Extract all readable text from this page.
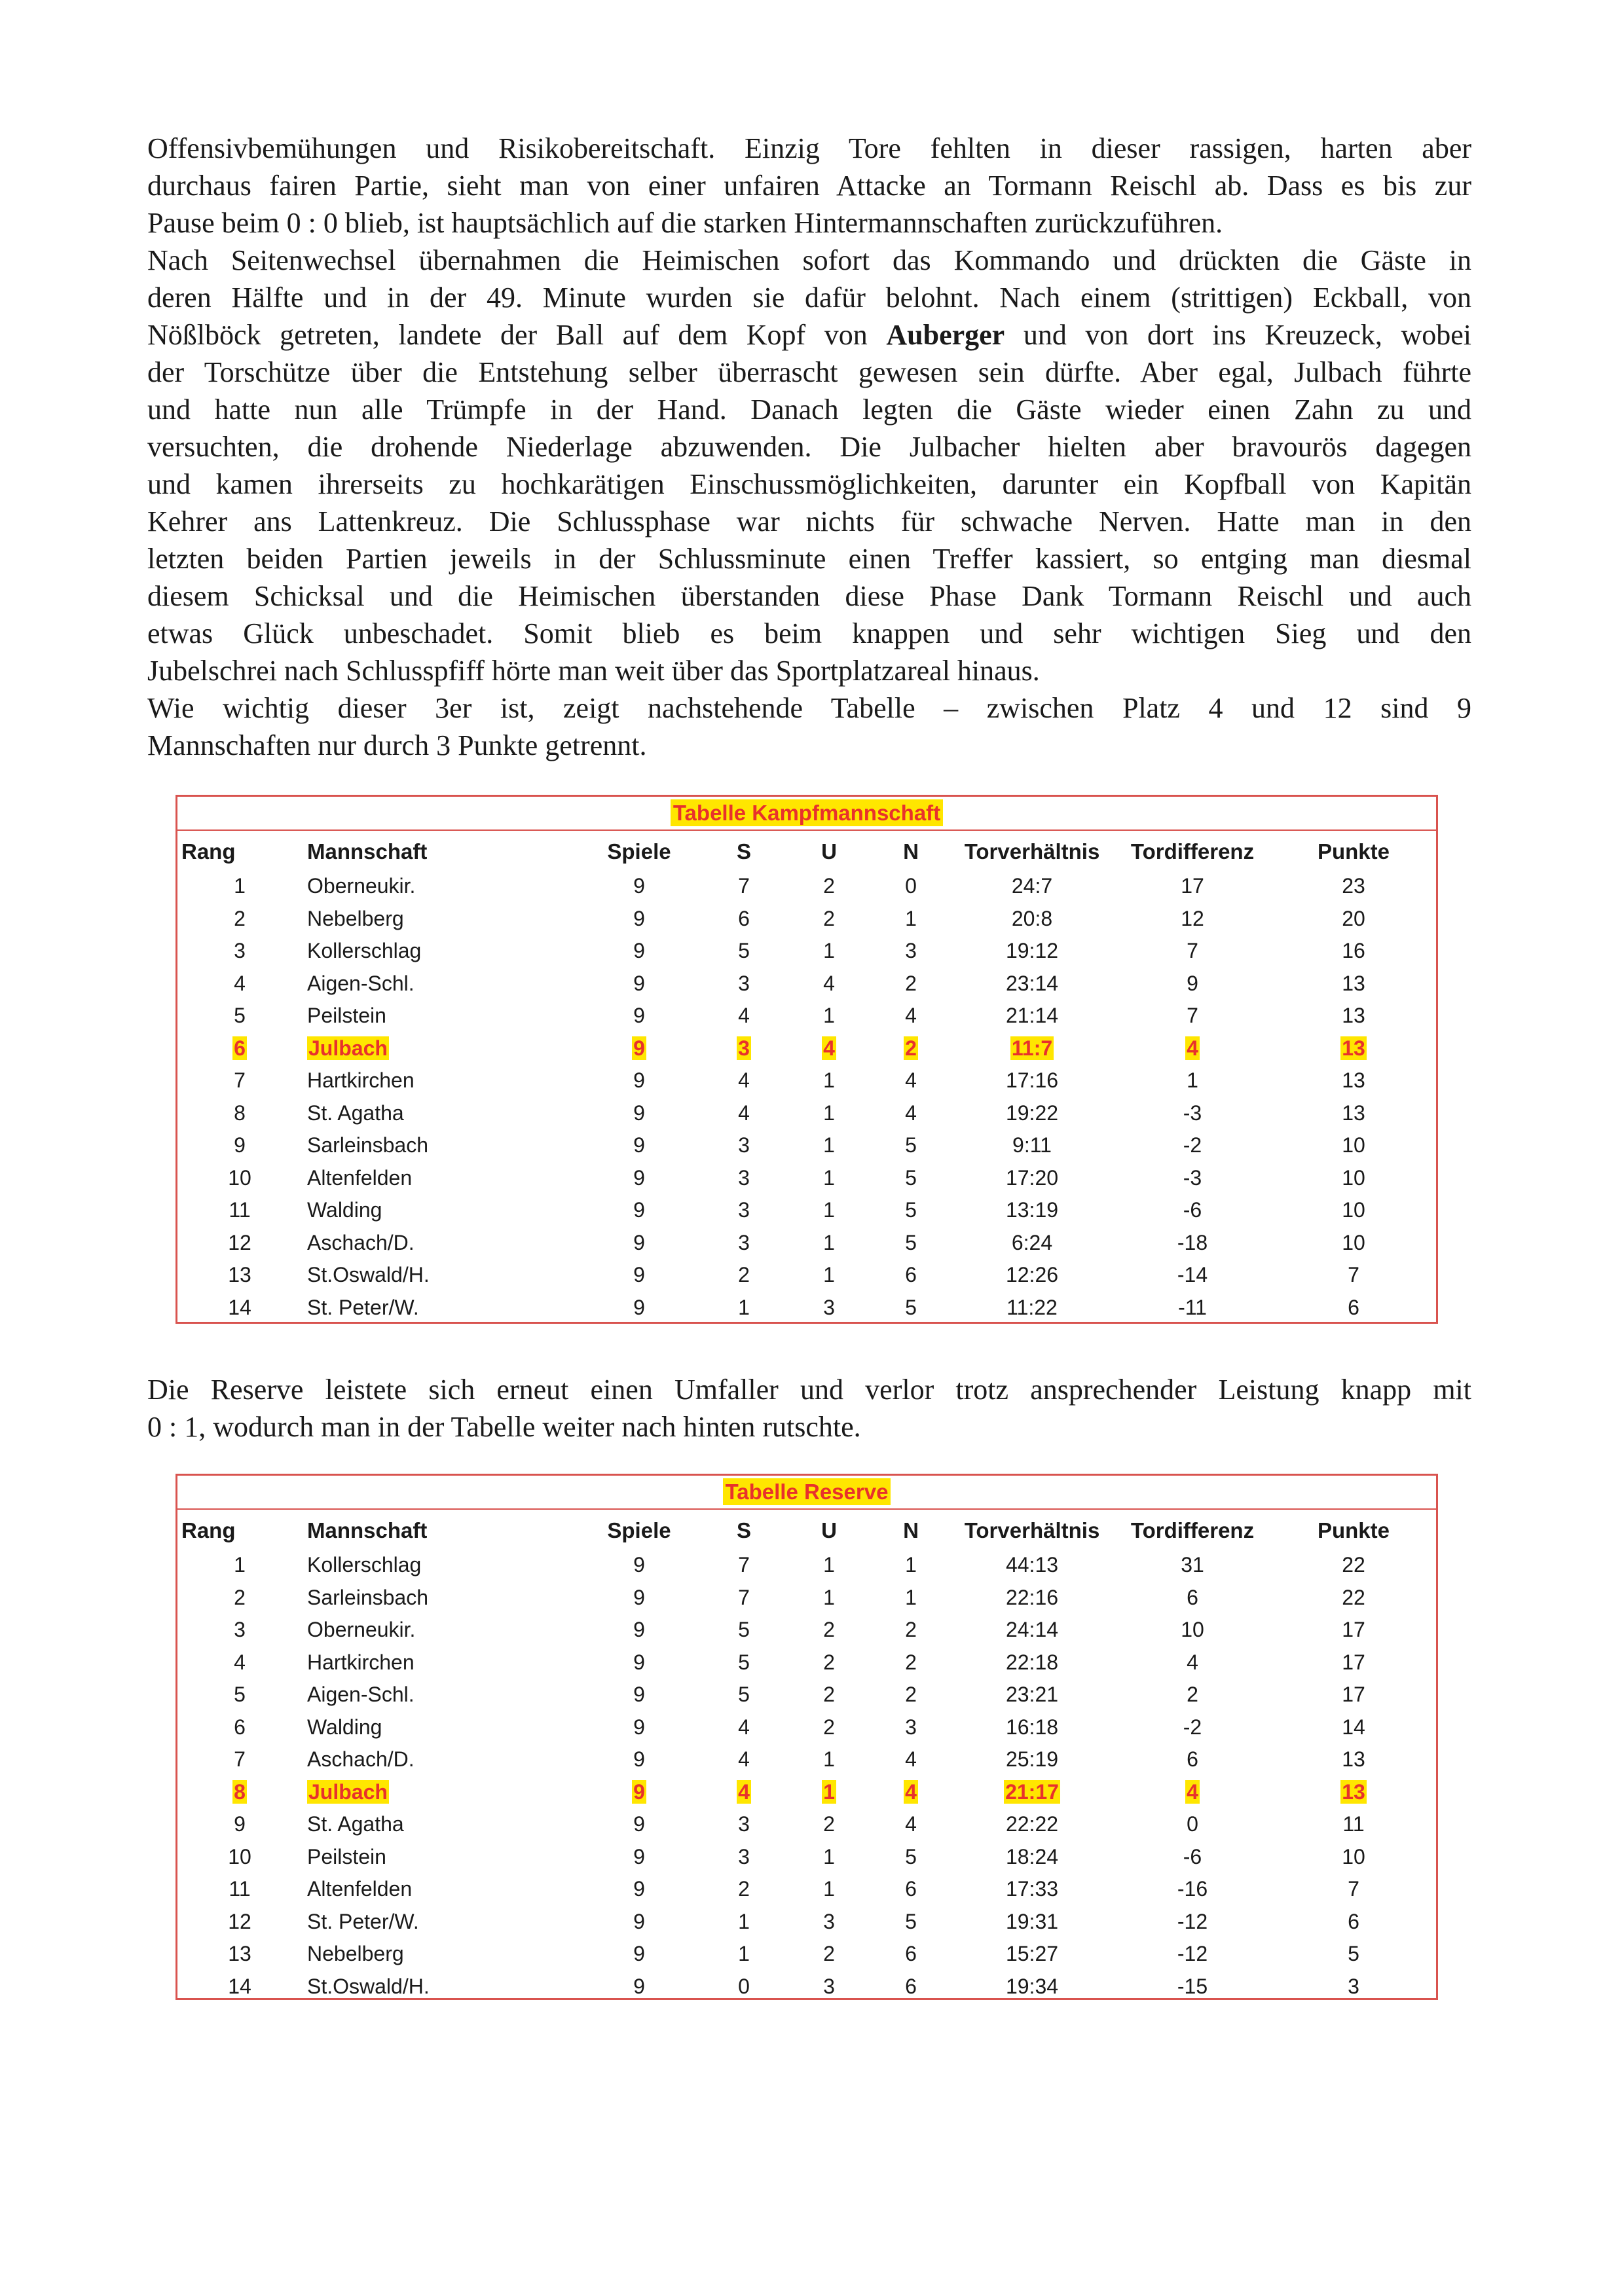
Offensivbemühungen und Risikobereitschaft. Einzig Tore fehlten in dieser rassigen, harten aber
durchaus fairen Partie, sieht man von einer unfairen Attacke an Tormann Reischl ab. Dass es bis zur
Pause beim 0 : 0 blieb, ist hauptsächlich auf die starken Hintermannschaften zurückzuführen.
Nach Seitenwechsel übernahmen die Heimischen sofort das Kommando und drückten die Gäste in
deren Hälfte und in der 49. Minute wurden sie dafür belohnt. Nach einem (strittigen) Eckball, von
Nößlböck getreten, landete der Ball auf dem Kopf von Auberger und von dort ins Kreuzeck, wobei
der Torschütze über die Entstehung selber überrascht gewesen sein dürfte. Aber egal, Julbach führte
und hatte nun alle Trümpfe in der Hand. Danach legten die Gäste wieder einen Zahn zu und
versuchten, die drohende Niederlage abzuwenden. Die Julbacher hielten aber bravourös dagegen
und kamen ihrerseits zu hochkarätigen Einschussmöglichkeiten, darunter ein Kopfball von Kapitän
Kehrer ans Lattenkreuz. Die Schlussphase war nichts für schwache Nerven. Hatte man in den
letzten beiden Partien jeweils in der Schlussminute einen Treffer kassiert, so entging man diesmal
diesem Schicksal und die Heimischen überstanden diese Phase Dank Tormann Reischl und auch
etwas Glück unbeschadet. Somit blieb es beim knappen und sehr wichtigen Sieg und den
Jubelschrei nach Schlusspfiff hörte man weit über das Sportplatzareal hinaus.
Wie wichtig dieser 3er ist, zeigt nachstehende Tabelle – zwischen Platz 4 und 12 sind 9
Mannschaften nur durch 3 Punkte getrennt.
Tabelle Kampfmannschaft
Rang	Mannschaft	Spiele	S	U	N	Torverhältnis	Tordifferenz	Punkte
1	Oberneukir.	9	7	2	0	24:7	17	23
2	Nebelberg	9	6	2	1	20:8	12	20
3	Kollerschlag	9	5	1	3	19:12	7	16
4	Aigen-Schl.	9	3	4	2	23:14	9	13
5	Peilstein	9	4	1	4	21:14	7	13
6	Julbach	9	3	4	2	11:7	4	13
7	Hartkirchen	9	4	1	4	17:16	1	13
8	St. Agatha	9	4	1	4	19:22	-3	13
9	Sarleinsbach	9	3	1	5	9:11	-2	10
10	Altenfelden	9	3	1	5	17:20	-3	10
11	Walding	9	3	1	5	13:19	-6	10
12	Aschach/D.	9	3	1	5	6:24	-18	10
13	St.Oswald/H.	9	2	1	6	12:26	-14	7
14	St. Peter/W.	9	1	3	5	11:22	-11	6
Die Reserve leistete sich erneut einen Umfaller und verlor trotz ansprechender Leistung knapp mit
0 : 1, wodurch man in der Tabelle weiter nach hinten rutschte.
Tabelle Reserve
Rang	Mannschaft	Spiele	S	U	N	Torverhältnis	Tordifferenz	Punkte
1	Kollerschlag	9	7	1	1	44:13	31	22
2	Sarleinsbach	9	7	1	1	22:16	6	22
3	Oberneukir.	9	5	2	2	24:14	10	17
4	Hartkirchen	9	5	2	2	22:18	4	17
5	Aigen-Schl.	9	5	2	2	23:21	2	17
6	Walding	9	4	2	3	16:18	-2	14
7	Aschach/D.	9	4	1	4	25:19	6	13
8	Julbach	9	4	1	4	21:17	4	13
9	St. Agatha	9	3	2	4	22:22	0	11
10	Peilstein	9	3	1	5	18:24	-6	10
11	Altenfelden	9	2	1	6	17:33	-16	7
12	St. Peter/W.	9	1	3	5	19:31	-12	6
13	Nebelberg	9	1	2	6	15:27	-12	5
14	St.Oswald/H.	9	0	3	6	19:34	-15	3
